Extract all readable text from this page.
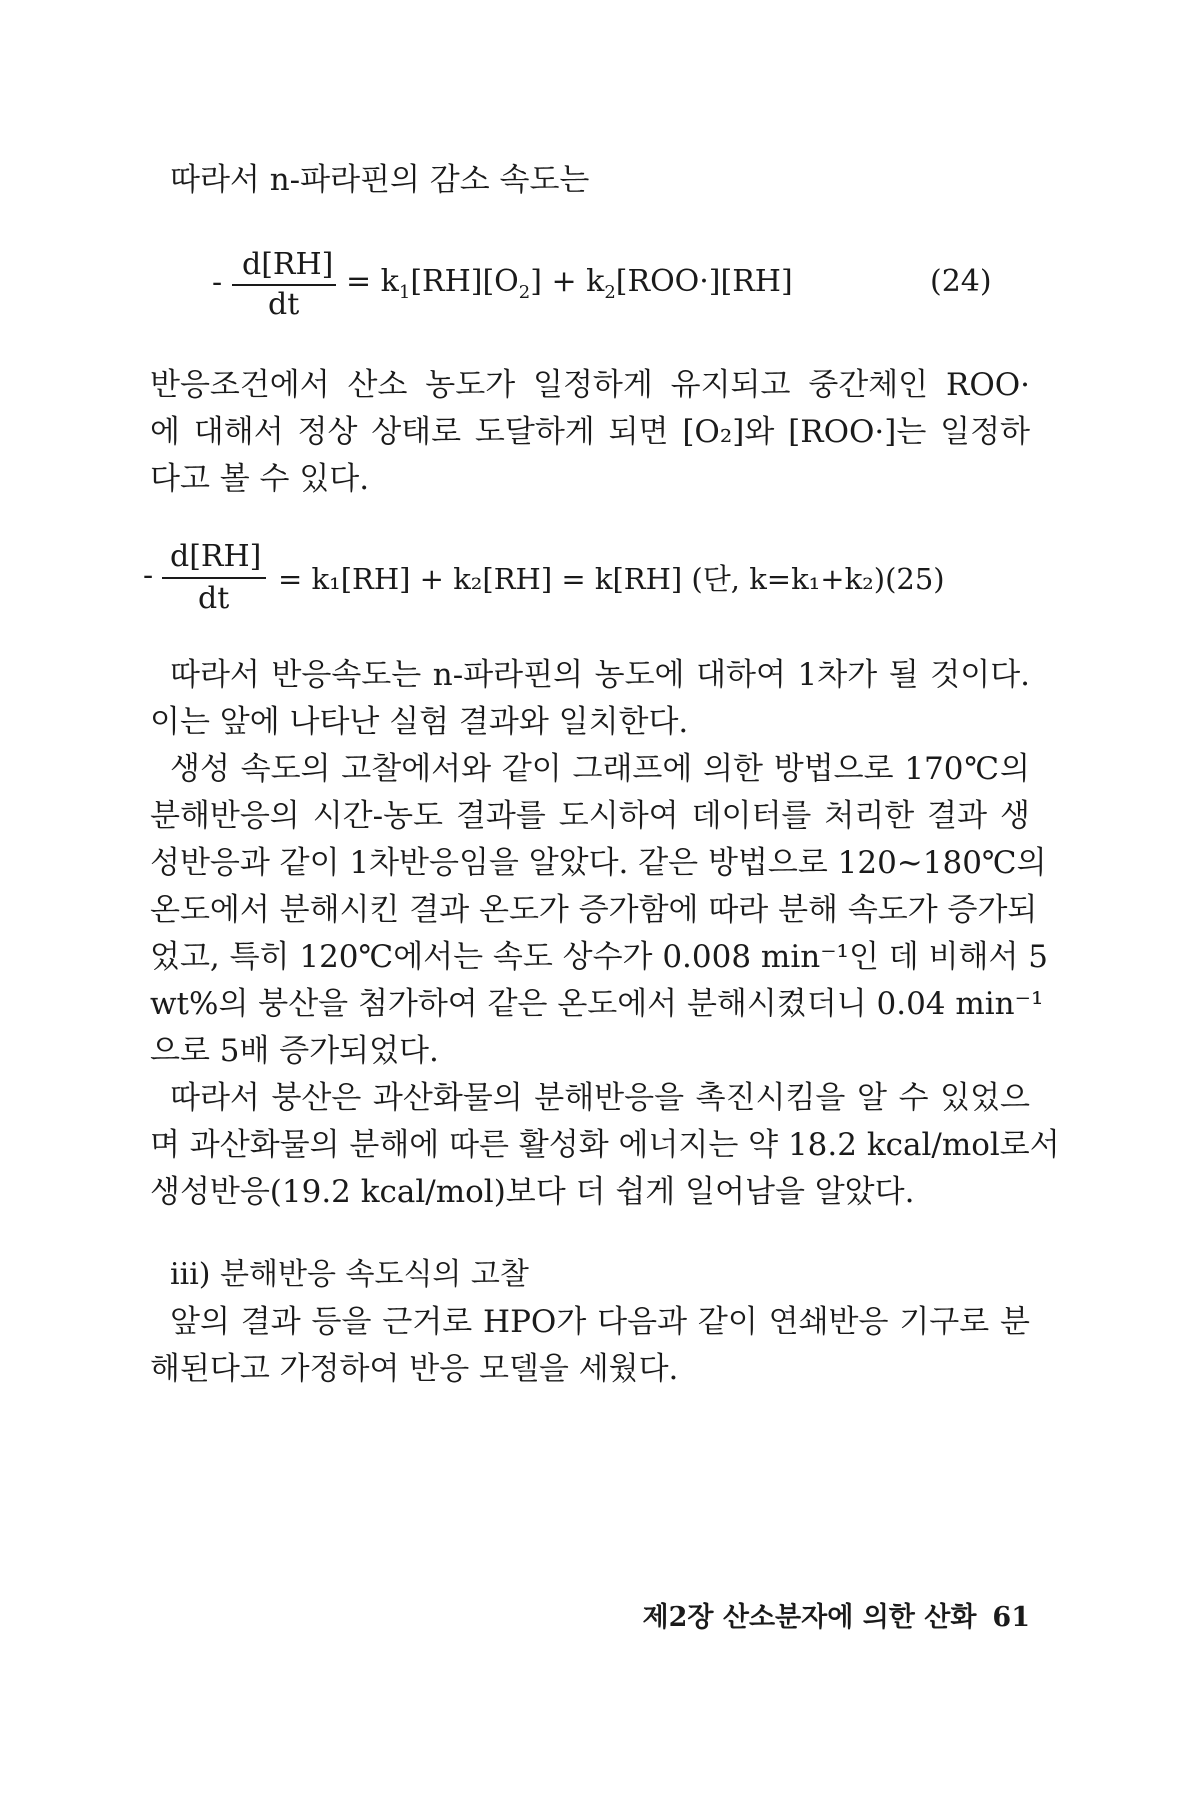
따라서 n-파라핀의 감소 속도는
-
d[RH]
dt
= $k_1[RH][O_2] + k_2[ROO\cdot][RH]$	(24)
반응조건에서 산소 농도가 일정하게 유지되고 중간체인 ROO·
에 대해서 정상 상태로 도달하게 되면 [O₂]와 [ROO·]는 일정하
다고 볼 수 있다.
-
d[RH]
dt
= k₁[RH] + k₂[RH] = k[RH] (단, k=k₁+k₂)(25)
따라서 반응속도는 n-파라핀의 농도에 대하여 1차가 될 것이다.
이는 앞에 나타난 실험 결과와 일치한다.
생성 속도의 고찰에서와 같이 그래프에 의한 방법으로 170℃의
분해반응의 시간-농도 결과를 도시하여 데이터를 처리한 결과 생
성반응과 같이 1차반응임을 알았다. 같은 방법으로 120~180℃의
온도에서 분해시킨 결과 온도가 증가함에 따라 분해 속도가 증가되
었고, 특히 120℃에서는 속도 상수가 0.008 min⁻¹인 데 비해서 5
wt%의 붕산을 첨가하여 같은 온도에서 분해시켰더니 0.04 min⁻¹
으로 5배 증가되었다.
따라서 붕산은 과산화물의 분해반응을 촉진시킴을 알 수 있었으
며 과산화물의 분해에 따른 활성화 에너지는 약 18.2 kcal/mol로서
생성반응(19.2 kcal/mol)보다 더 쉽게 일어남을 알았다.
iii) 분해반응 속도식의 고찰
앞의 결과 등을 근거로 HPO가 다음과 같이 연쇄반응 기구로 분
해된다고 가정하여 반응 모델을 세웠다.
제2장 산소분자에 의한 산화 61
